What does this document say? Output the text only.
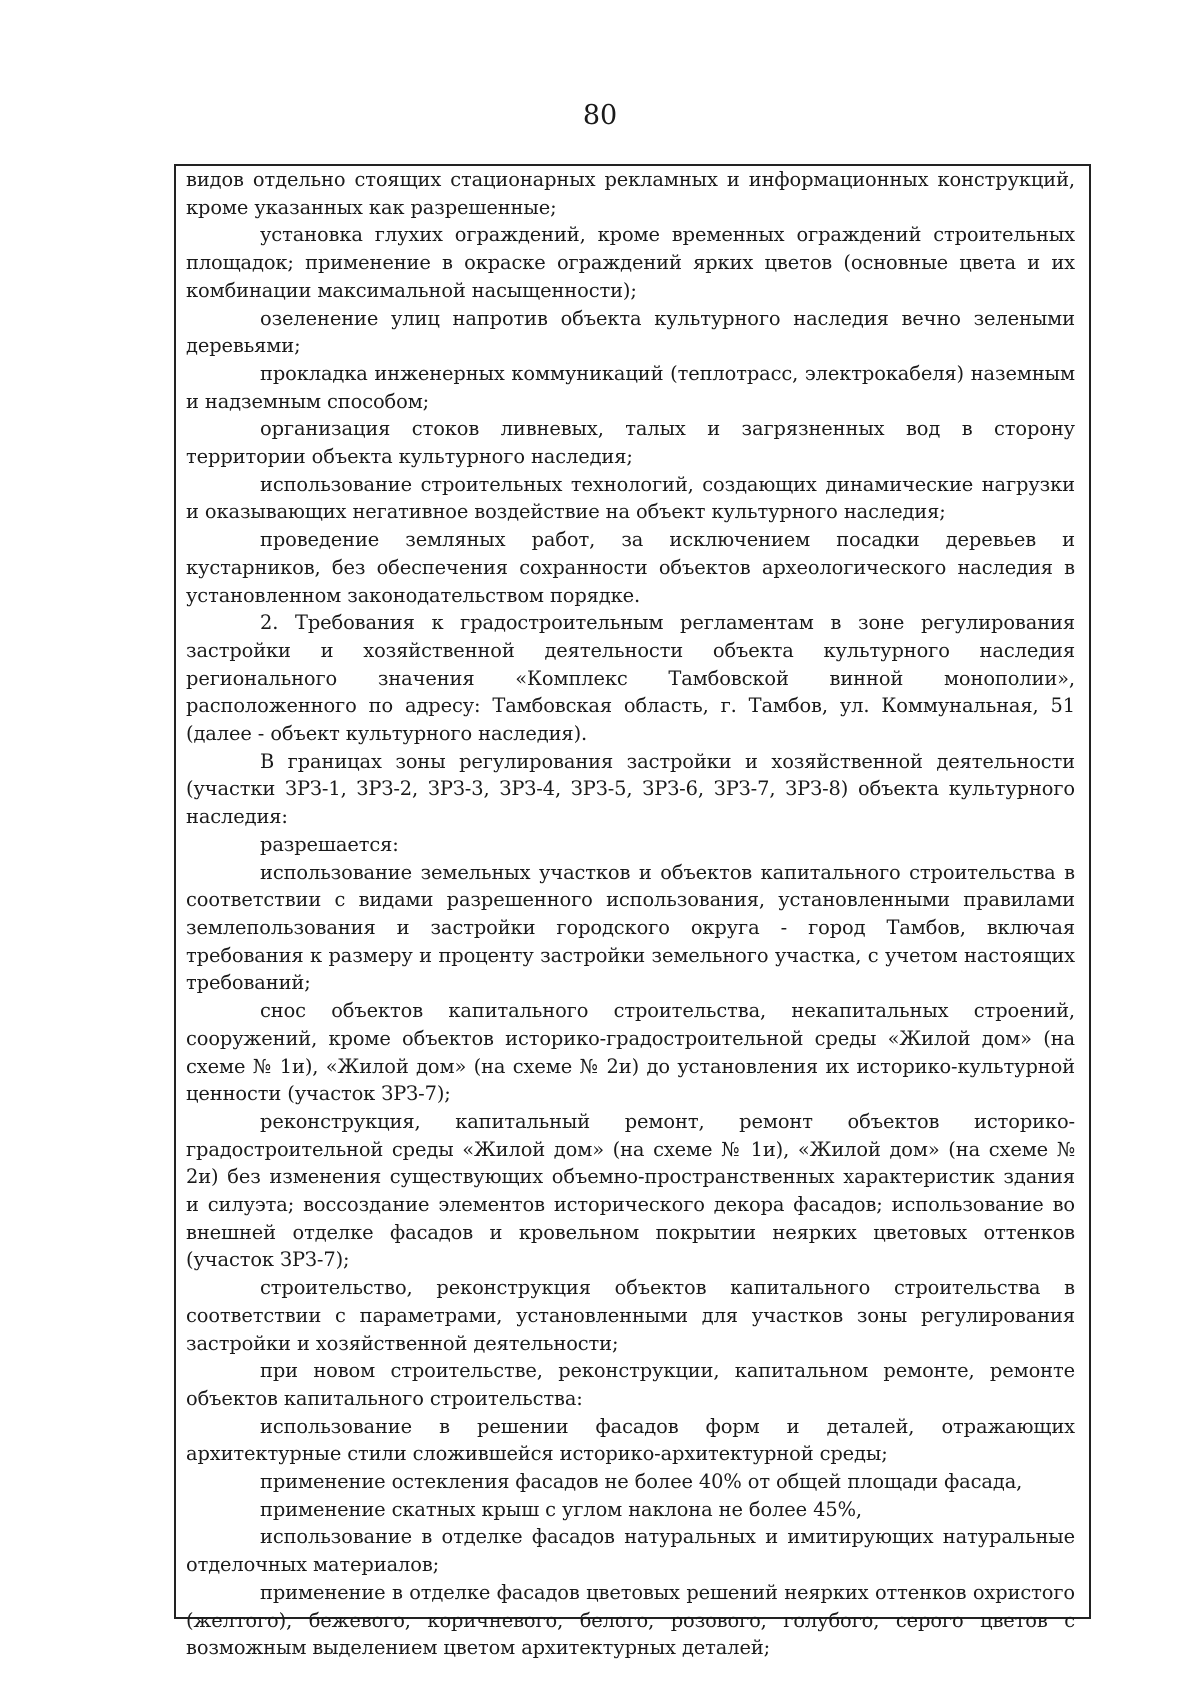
80

видов отдельно стоящих стационарных рекламных и информационных конструкций, кроме указанных как разрешенные;

установка глухих ограждений, кроме временных ограждений строительных площадок; применение в окраске ограждений ярких цветов (основные цвета и их комбинации максимальной насыщенности);

озеленение улиц напротив объекта культурного наследия вечно зелеными деревьями;

прокладка инженерных коммуникаций (теплотрасс, электрокабеля) наземным и надземным способом;

организация стоков ливневых, талых и загрязненных вод в сторону территории объекта культурного наследия;

использование строительных технологий, создающих динамические нагрузки и оказывающих негативное воздействие на объект культурного наследия;

проведение земляных работ, за исключением посадки деревьев и кустарников, без обеспечения сохранности объектов археологического наследия в установленном законодательством порядке.

2. Требования к градостроительным регламентам в зоне регулирования застройки и хозяйственной деятельности объекта культурного наследия регионального значения «Комплекс Тамбовской винной монополии», расположенного по адресу: Тамбовская область, г. Тамбов, ул. Коммунальная, 51 (далее - объект культурного наследия).

В границах зоны регулирования застройки и хозяйственной деятельности (участки ЗРЗ-1, ЗРЗ-2, ЗРЗ-3, ЗРЗ-4, ЗРЗ-5, ЗРЗ-6, ЗРЗ-7, ЗРЗ-8) объекта культурного наследия:

разрешается:

использование земельных участков и объектов капитального строительства в соответствии с видами разрешенного использования, установленными правилами землепользования и застройки городского округа - город Тамбов, включая требования к размеру и проценту застройки земельного участка, с учетом настоящих требований;

снос объектов капитального строительства, некапитальных строений, сооружений, кроме объектов историко-градостроительной среды «Жилой дом» (на схеме № 1и), «Жилой дом» (на схеме № 2и) до установления их историко-культурной ценности (участок ЗРЗ-7);

реконструкция, капитальный ремонт, ремонт объектов историко-градостроительной среды «Жилой дом» (на схеме № 1и), «Жилой дом» (на схеме № 2и) без изменения существующих объемно-пространственных характеристик здания и силуэта; воссоздание элементов исторического декора фасадов; использование во внешней отделке фасадов и кровельном покрытии неярких цветовых оттенков (участок ЗРЗ-7);

строительство, реконструкция объектов капитального строительства в соответствии с параметрами, установленными для участков зоны регулирования застройки и хозяйственной деятельности;

при новом строительстве, реконструкции, капитальном ремонте, ремонте объектов капитального строительства:

использование в решении фасадов форм и деталей, отражающих архитектурные стили сложившейся историко-архитектурной среды;

применение остекления фасадов не более 40% от общей площади фасада,

применение скатных крыш с углом наклона не более 45%,

использование в отделке фасадов натуральных и имитирующих натуральные отделочных материалов;

применение в отделке фасадов цветовых решений неярких оттенков охристого (желтого), бежевого, коричневого, белого, розового, голубого, серого цветов с возможным выделением цветом архитектурных деталей;
